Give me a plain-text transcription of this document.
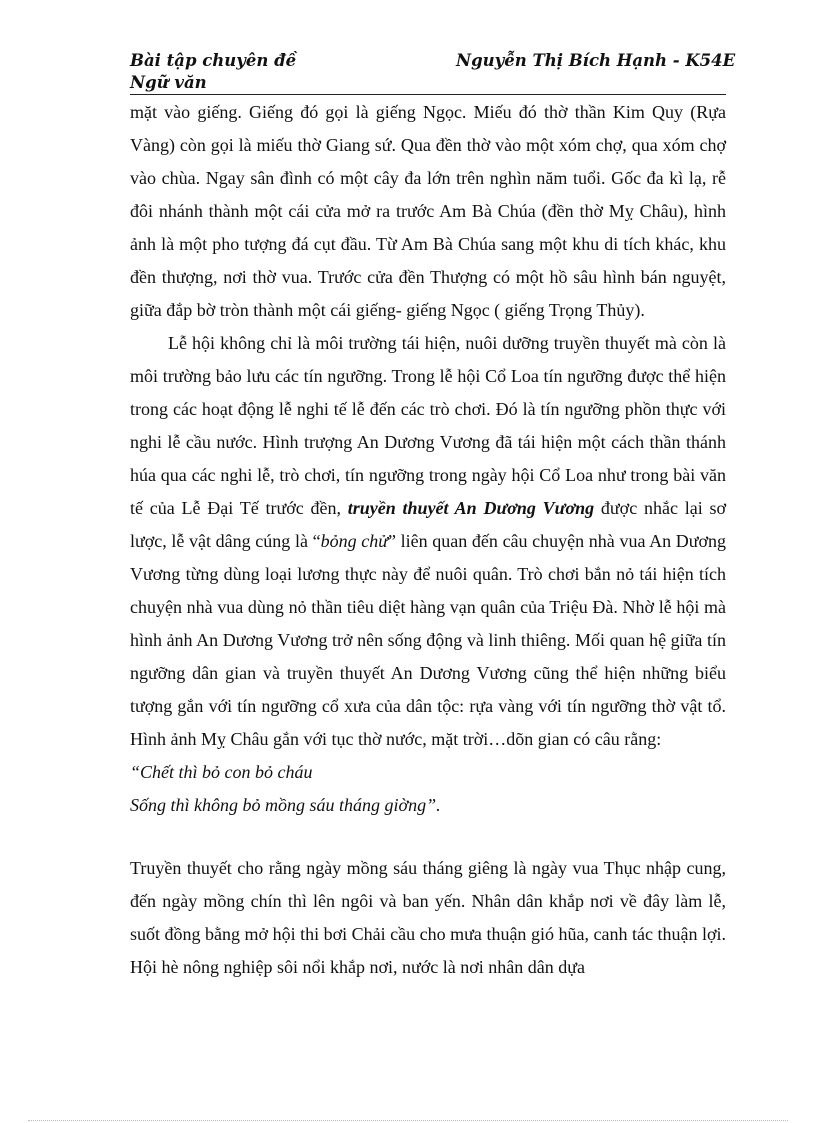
Bài tập chuyên đề	Nguyễn Thị Bích Hạnh - K54E
Ngữ văn

mặt vào giếng. Giếng đó gọi là giếng Ngọc. Miếu đó thờ thần Kim Quy (Rựa Vàng) còn gọi là miếu thờ Giang sứ. Qua đền thờ vào một xóm chợ, qua xóm chợ vào chùa. Ngay sân đình có một cây đa lớn trên nghìn năm tuổi. Gốc đa kì lạ, rễ đôi nhánh thành một cái cửa mở ra trước Am Bà Chúa (đền thờ Mỵ Châu), hình ảnh là một pho tượng đá cụt đầu. Từ Am Bà Chúa sang một khu di tích khác, khu đền thượng, nơi thờ vua. Trước cửa đền Thượng có một hồ sâu hình bán nguyệt, giữa đắp bờ tròn thành một cái giếng- giếng Ngọc ( giếng Trọng Thủy).

Lễ hội không chỉ là môi trường tái hiện, nuôi dưỡng truyền thuyết mà còn là môi trường bảo lưu các tín ngưỡng. Trong lễ hội Cổ Loa tín ngưỡng được thể hiện trong các hoạt động lễ nghi tế lễ đến các trò chơi. Đó là tín ngưỡng phồn thực với nghi lễ cầu nước. Hình trượng An Dương Vương đã tái hiện một cách thần thánh húa qua các nghi lễ, trò chơi, tín ngưỡng trong ngày hội Cổ Loa như trong bài văn tế của Lễ Đại Tế trước đền, truyền thuyết An Dương Vương được nhắc lại sơ lược, lễ vật dâng cúng là “bỏng chử” liên quan đến câu chuyện nhà vua An Dương Vương từng dùng loại lương thực này để nuôi quân. Trò chơi bắn nỏ tái hiện tích chuyện nhà vua dùng nỏ thần tiêu diệt hàng vạn quân của Triệu Đà. Nhờ lễ hội mà hình ảnh An Dương Vương trở nên sống động và linh thiêng. Mối quan hệ giữa tín ngưỡng dân gian và truyền thuyết An Dương Vương cũng thể hiện những biểu tượng gắn với tín ngưỡng cổ xưa của dân tộc: rựa vàng với tín ngưỡng thờ vật tổ. Hình ảnh Mỵ Châu gắn với tục thờ nước, mặt trời…dõn gian có câu rằng:

“Chết thì bỏ con bỏ cháu

Sống thì không bỏ mồng sáu tháng giờng”.

Truyền thuyết cho rằng ngày mồng sáu tháng giêng là ngày vua Thục nhập cung, đến ngày mồng chín thì lên ngôi và ban yến. Nhân dân khắp nơi về đây làm lễ, suốt đồng bằng mở hội thi bơi Chải cầu cho mưa thuận gió hũa, canh tác thuận lợi. Hội hè nông nghiệp sôi nổi khắp nơi, nước là nơi nhân dân dựa
